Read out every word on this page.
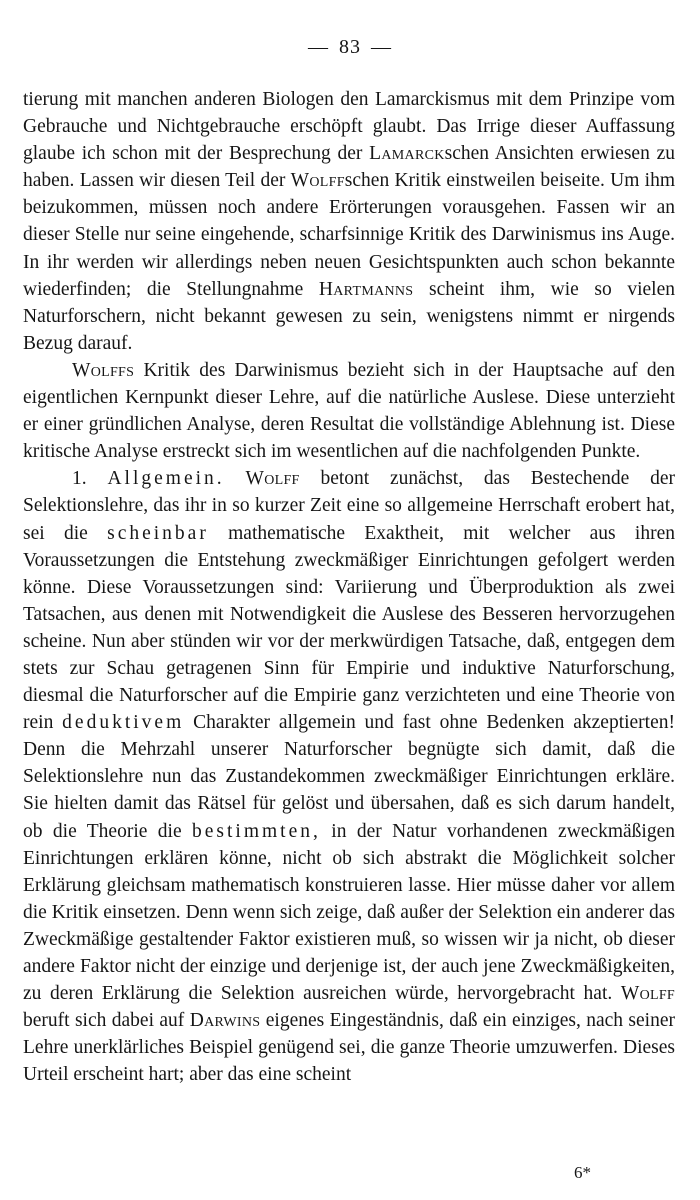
— 83 —

tierung mit manchen anderen Biologen den Lamarckismus mit dem Prinzipe vom Gebrauche und Nichtgebrauche erschöpft glaubt. Das Irrige dieser Auffassung glaube ich schon mit der Besprechung der Lamarckschen Ansichten erwiesen zu haben. Lassen wir diesen Teil der Wolffschen Kritik einstweilen beiseite. Um ihm beizukommen, müssen noch andere Erörterungen vorausgehen. Fassen wir an dieser Stelle nur seine eingehende, scharfsinnige Kritik des Darwinismus ins Auge. In ihr werden wir allerdings neben neuen Gesichtspunkten auch schon bekannte wiederfinden; die Stellungnahme Hartmanns scheint ihm, wie so vielen Naturforschern, nicht bekannt gewesen zu sein, wenigstens nimmt er nirgends Bezug darauf.

Wolffs Kritik des Darwinismus bezieht sich in der Hauptsache auf den eigentlichen Kernpunkt dieser Lehre, auf die natürliche Auslese. Diese unterzieht er einer gründlichen Analyse, deren Resultat die vollständige Ablehnung ist. Diese kritische Analyse erstreckt sich im wesentlichen auf die nachfolgenden Punkte.

1. Allgemein. Wolff betont zunächst, das Bestechende der Selektionslehre, das ihr in so kurzer Zeit eine so allgemeine Herrschaft erobert hat, sei die scheinbar mathematische Exaktheit, mit welcher aus ihren Voraussetzungen die Entstehung zweckmäßiger Einrichtungen gefolgert werden könne. Diese Voraussetzungen sind: Variierung und Überproduktion als zwei Tatsachen, aus denen mit Notwendigkeit die Auslese des Besseren hervorzugehen scheine. Nun aber stünden wir vor der merkwürdigen Tatsache, daß, entgegen dem stets zur Schau getragenen Sinn für Empirie und induktive Naturforschung, diesmal die Naturforscher auf die Empirie ganz verzichteten und eine Theorie von rein deduktivem Charakter allgemein und fast ohne Bedenken akzeptierten! Denn die Mehrzahl unserer Naturforscher begnügte sich damit, daß die Selektionslehre nun das Zustandekommen zweckmäßiger Einrichtungen erkläre. Sie hielten damit das Rätsel für gelöst und übersahen, daß es sich darum handelt, ob die Theorie die bestimmten, in der Natur vorhandenen zweckmäßigen Einrichtungen erklären könne, nicht ob sich abstrakt die Möglichkeit solcher Erklärung gleichsam mathematisch konstruieren lasse. Hier müsse daher vor allem die Kritik einsetzen. Denn wenn sich zeige, daß außer der Selektion ein anderer das Zweckmäßige gestaltender Faktor existieren muß, so wissen wir ja nicht, ob dieser andere Faktor nicht der einzige und derjenige ist, der auch jene Zweckmäßigkeiten, zu deren Erklärung die Selektion ausreichen würde, hervorgebracht hat. Wolff beruft sich dabei auf Darwins eigenes Eingeständnis, daß ein einziges, nach seiner Lehre unerklärliches Beispiel genügend sei, die ganze Theorie umzuwerfen. Dieses Urteil erscheint hart; aber das eine scheint

6*
